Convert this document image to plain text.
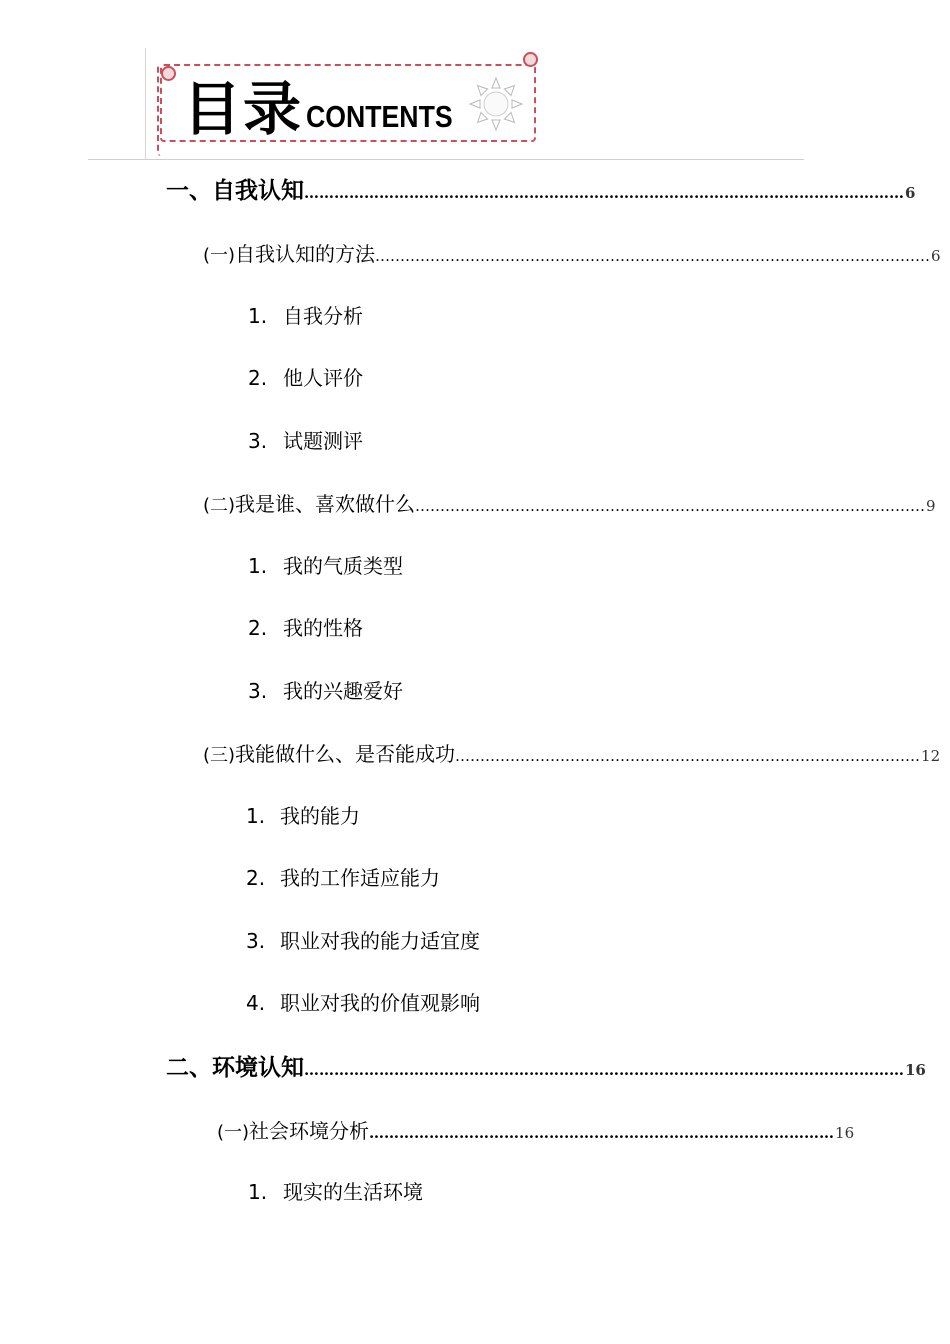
目录 CONTENTS
一、 自我认知 ………………………………………………………………………………………………………… 6
(一) 自我认知的方法 ………………………………………………………………………………………………… 6
1. 自我分析
2. 他人评价
3. 试题测评
(二) 我是谁、喜欢做什么 ………………………………………………………………………………………… 9
1. 我的气质类型
2. 我的性格
3. 我的兴趣爱好
(三) 我能做什么、是否能成功 ………………………………………………………………………………… 12
1. 我的能力
2. 我的工作适应能力
3. 职业对我的能力适宜度
4. 职业对我的价值观影响
二、 环境认知 ………………………………………………………………………………………………………… 16
(一) 社会环境分析 ………………………………………………………………………………… 16
1. 现实的生活环境
